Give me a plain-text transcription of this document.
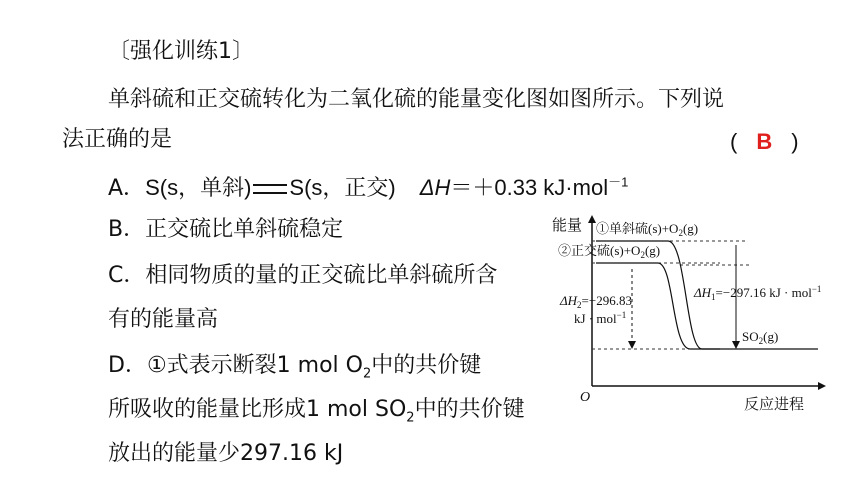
〔强化训练1〕
单斜硫和正交硫转化为二氧化硫的能量变化图如图所示。下列说
法正确的是	( B )
A．S(s，单斜) S(s，正交) ΔH＝＋0.33 kJ·mol$^{-1}$
B．正交硫比单斜硫稳定
C．相同物质的量的正交硫比单斜硫所含
有的能量高
D．①式表示断裂1 mol $O_2$中的共价键
所吸收的能量比形成1 mol $SO_2$中的共价键
放出的能量少297.16 kJ
能量
O	反应进程
①单斜硫$(s)+O_2(g)$
②正交硫$(s)+O_2(g)$
$SO_2(g)$
$\Delta H_2=-296.83$
kJ · mol$^{-1}$
$\Delta H_1=-297.16$ kJ · mol$^{-1}$
